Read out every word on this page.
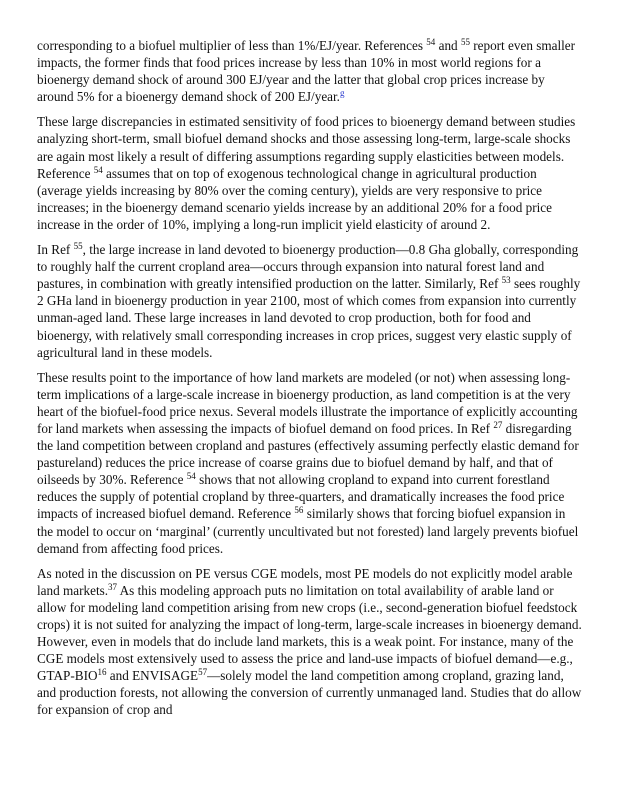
corresponding to a biofuel multiplier of less than 1%/EJ/year. References $^{54}$ and $^{55}$ report even smaller impacts, the former finds that food prices increase by less than 10% in most world regions for a bioenergy demand shock of around 300 EJ/year and the latter that global crop prices increase by around 5% for a bioenergy demand shock of 200 EJ/year.$^g$

These large discrepancies in estimated sensitivity of food prices to bioenergy demand between studies analyzing short-term, small biofuel demand shocks and those assessing long-term, large-scale shocks are again most likely a result of differing assumptions regarding supply elasticities between models. Reference $^{54}$ assumes that on top of exogenous technological change in agricultural production (average yields increasing by 80% over the coming century), yields are very responsive to price increases; in the bioenergy demand scenario yields increase by an additional 20% for a food price increase in the order of 10%, implying a long-run implicit yield elasticity of around 2.

In Ref $^{55}$, the large increase in land devoted to bioenergy production—0.8 Gha globally, corresponding to roughly half the current cropland area—occurs through expansion into natural forest land and pastures, in combination with greatly intensified production on the latter. Similarly, Ref $^{53}$ sees roughly 2 GHa land in bioenergy production in year 2100, most of which comes from expansion into currently unman-aged land. These large increases in land devoted to crop production, both for food and bioenergy, with relatively small corresponding increases in crop prices, suggest very elastic supply of agricultural land in these models.

These results point to the importance of how land markets are modeled (or not) when assessing long-term implications of a large-scale increase in bioenergy production, as land competition is at the very heart of the biofuel-food price nexus. Several models illustrate the importance of explicitly accounting for land markets when assessing the impacts of biofuel demand on food prices. In Ref $^{27}$ disregarding the land competition between cropland and pastures (effectively assuming perfectly elastic demand for pastureland) reduces the price increase of coarse grains due to biofuel demand by half, and that of oilseeds by 30%. Reference $^{54}$ shows that not allowing cropland to expand into current forestland reduces the supply of potential cropland by three-quarters, and dramatically increases the food price impacts of increased biofuel demand. Reference $^{56}$ similarly shows that forcing biofuel expansion in the model to occur on ‘marginal’ (currently uncultivated but not forested) land largely prevents biofuel demand from affecting food prices.

As noted in the discussion on PE versus CGE models, most PE models do not explicitly model arable land markets.$^{37}$ As this modeling approach puts no limitation on total availability of arable land or allow for modeling land competition arising from new crops (i.e., second-generation biofuel feedstock crops) it is not suited for analyzing the impact of long-term, large-scale increases in bioenergy demand. However, even in models that do include land markets, this is a weak point. For instance, many of the CGE models most extensively used to assess the price and land-use impacts of biofuel demand—e.g., GTAP-BIO$^{16}$ and ENVISAGE$^{57}$—solely model the land competition among cropland, grazing land, and production forests, not allowing the conversion of currently unmanaged land. Studies that do allow for expansion of crop and
